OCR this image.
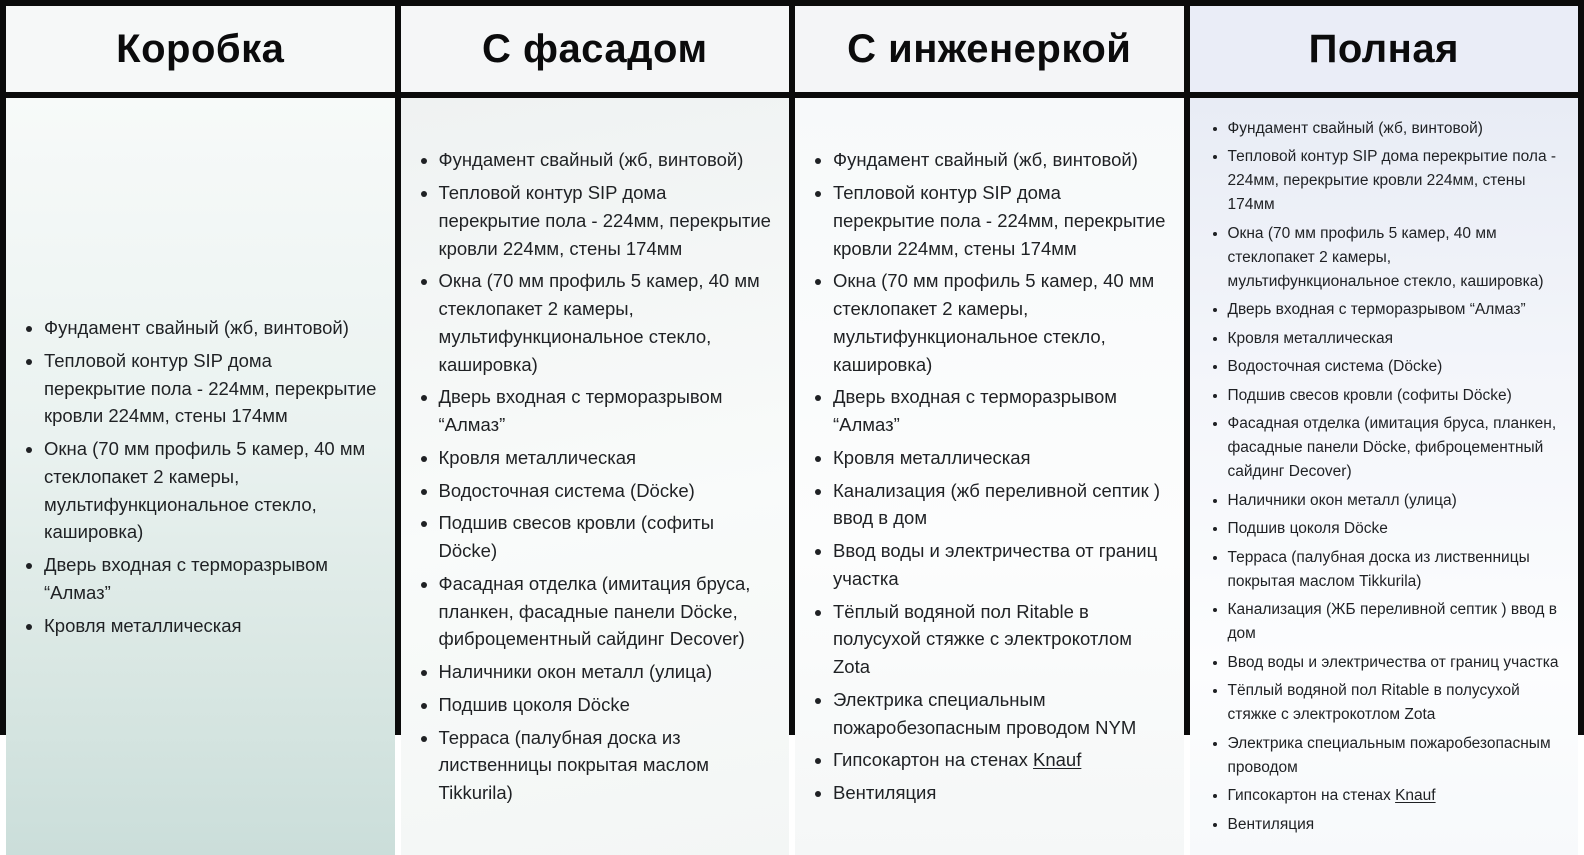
Коробка
• Фундамент свайный (жб, винтовой)
• Тепловой контур SIP дома перекрытие пола - 224мм, перекрытие кровли 224мм, стены 174мм
• Окна (70 мм профиль 5 камер, 40 мм стеклопакет 2 камеры, мультифункциональное стекло, кашировка)
• Дверь входная с терморазрывом “Алмаз”
• Кровля металлическая
С фасадом
• Фундамент свайный (жб, винтовой)
• Тепловой контур SIP дома перекрытие пола - 224мм, перекрытие кровли 224мм, стены 174мм
• Окна (70 мм профиль 5 камер, 40 мм стеклопакет 2 камеры, мультифункциональное стекло, кашировка)
• Дверь входная с терморазрывом “Алмаз”
• Кровля металлическая
• Водосточная система (Döcke)
• Подшив свесов кровли (софиты Döcke)
• Фасадная отделка (имитация бруса, планкен, фасадные панели Döcke, фиброцементный сайдинг Decover)
• Наличники окон металл (улица)
• Подшив цоколя Döcke
• Терраса (палубная доска из лиственницы покрытая маслом Tikkurila)
С инженеркой
• Фундамент свайный (жб, винтовой)
• Тепловой контур SIP дома перекрытие пола - 224мм, перекрытие кровли 224мм, стены 174мм
• Окна (70 мм профиль 5 камер, 40 мм стеклопакет 2 камеры, мультифункциональное стекло, кашировка)
• Дверь входная с терморазрывом “Алмаз”
• Кровля металлическая
• Канализация (жб переливной септик ) ввод в дом
• Ввод воды и электричества от границ участка
• Тёплый водяной пол Ritable в полусухой стяжке с электрокотлом Zota
• Электрика специальным пожаробезопасным проводом NYM
• Гипсокартон на стенах Knauf
• Вентиляция
Полная
• Фундамент свайный (жб, винтовой)
• Тепловой контур SIP дома перекрытие пола - 224мм, перекрытие кровли 224мм, стены 174мм
• Окна (70 мм профиль 5 камер, 40 мм стеклопакет 2 камеры, мультифункциональное стекло, кашировка)
• Дверь входная с терморазрывом “Алмаз”
• Кровля металлическая
• Водосточная система (Döcke)
• Подшив свесов кровли (софиты Döcke)
• Фасадная отделка (имитация бруса, планкен, фасадные панели Döcke, фиброцементный сайдинг Decover)
• Наличники окон металл (улица)
• Подшив цоколя Döcke
• Терраса (палубная доска из лиственницы покрытая маслом Tikkurila)
• Канализация (ЖБ переливной септик ) ввод в дом
• Ввод воды и электричества от границ участка
• Тёплый водяной пол Ritable в полусухой стяжке с электрокотлом Zota
• Электрика специальным пожаробезопасным проводом
• Гипсокартон на стенах Knauf
• Вентиляция
